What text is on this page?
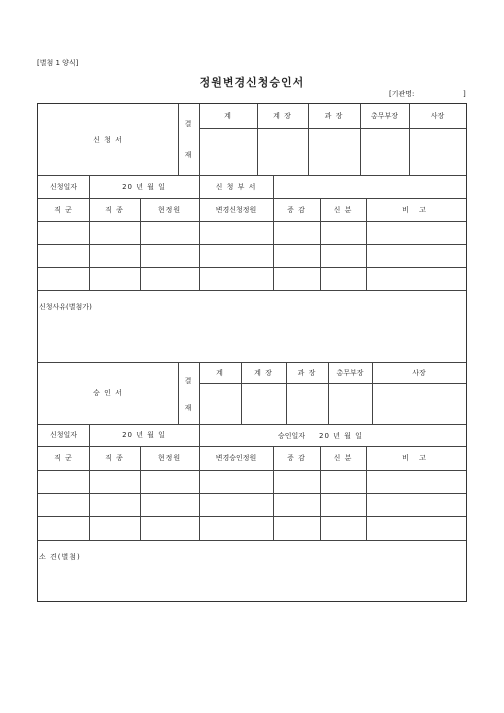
[별첨 1 양식]
정원변경신청승인서
[기관명:	]
신 청 서
결
재
계	계 장	과 장	총무부장	사장
신청일자	20 년 월 일	신 청 부 서
직 군	직 종	현정원	변경신청정원	증 감	신 분	비 고
신청사유(별첨가)
승 인 서
결
재
계	계 장	과 장	총무부장	사장
신청일자	20 년 월 일	승인일자 20 년 월 일
직 군	직 종	현정원	변경승인정원	증 감	신 분	비 고
소 견(별첨)
